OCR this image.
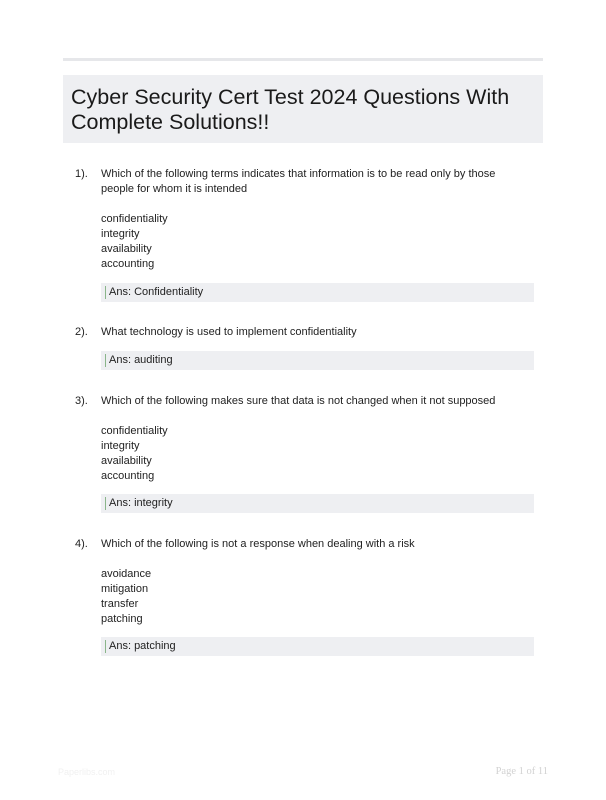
Cyber Security Cert Test 2024 Questions With Complete Solutions!!
1). Which of the following terms indicates that information is to be read only by those people for whom it is intended

confidentiality
integrity
availability
accounting
Ans: Confidentiality
2). What technology is used to implement confidentiality

Ans: auditing
3). Which of the following makes sure that data is not changed when it not supposed

confidentiality
integrity
availability
accounting
Ans: integrity
4). Which of the following is not a response when dealing with a risk

avoidance
mitigation
transfer
patching
Ans: patching
Paperlibs.com	Page 1 of 11
